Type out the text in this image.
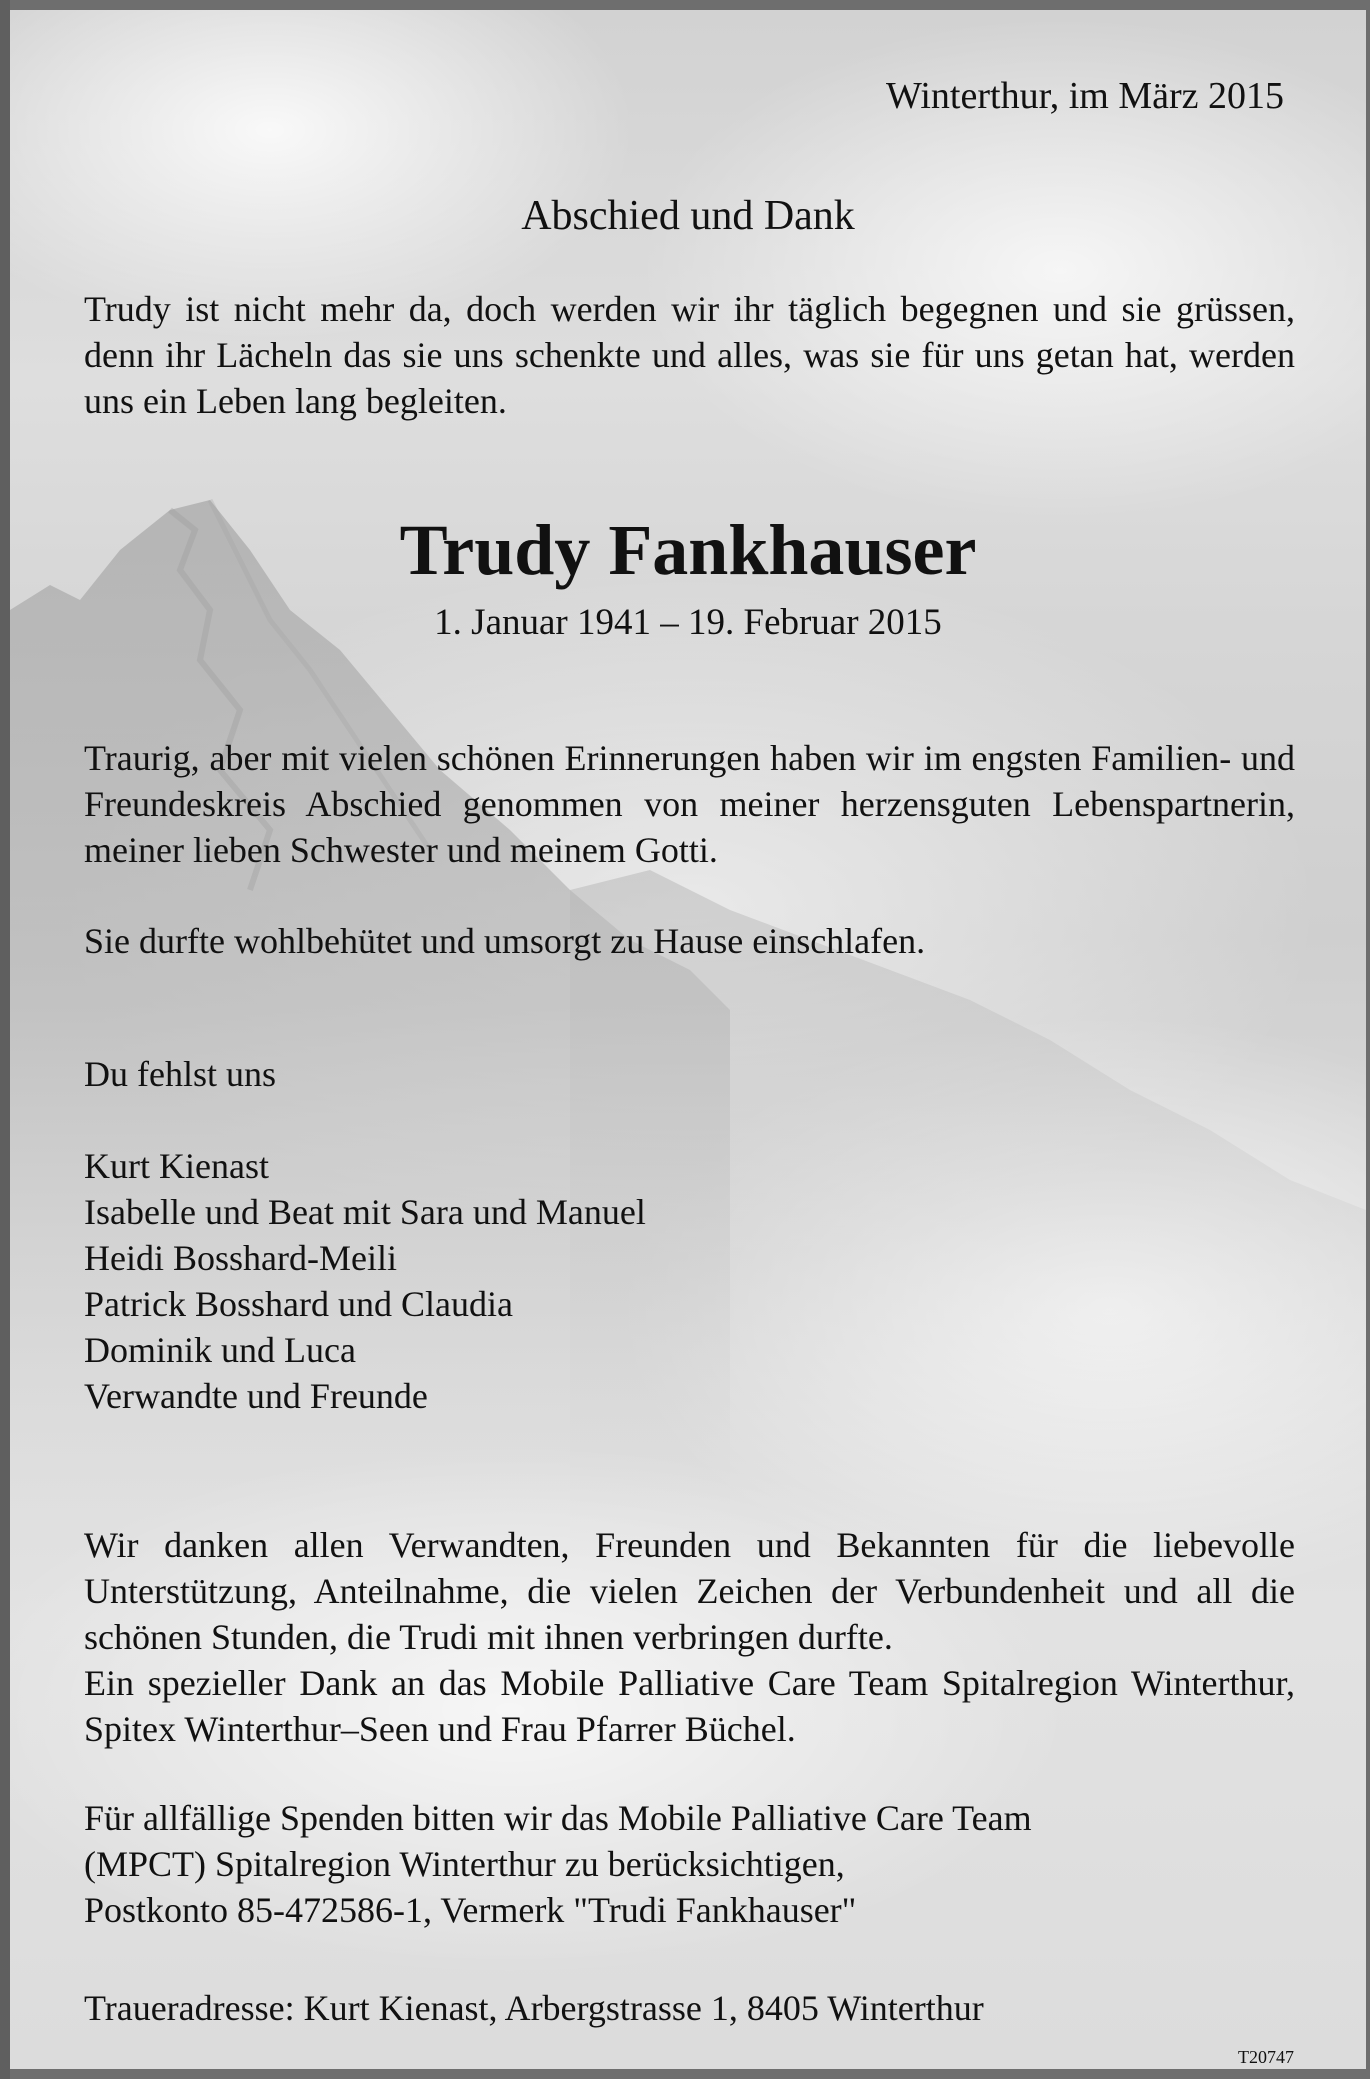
Winterthur, im März 2015
Abschied und Dank
Trudy ist nicht mehr da, doch werden wir ihr täglich begegnen und sie grüssen, denn ihr Lächeln das sie uns schenkte und alles, was sie für uns getan hat, werden uns ein Leben lang begleiten.
Trudy Fankhauser
1. Januar 1941 – 19. Februar 2015
Traurig, aber mit vielen schönen Erinnerungen haben wir im engsten Familien- und Freundeskreis Abschied genommen von meiner herzensguten Lebenspartnerin, meiner lieben Schwester und meinem Gotti.
Sie durfte wohlbehütet und umsorgt zu Hause einschlafen.
Du fehlst uns
Kurt Kienast
Isabelle und Beat mit Sara und Manuel
Heidi Bosshard-Meili
Patrick Bosshard und Claudia
Dominik und Luca
Verwandte und Freunde
Wir danken allen Verwandten, Freunden und Bekannten für die liebevolle Unterstützung, Anteilnahme, die vielen Zeichen der Verbundenheit und all die schönen Stunden, die Trudi mit ihnen verbringen durfte.
Ein spezieller Dank an das Mobile Palliative Care Team Spitalregion Winterthur, Spitex Winterthur–Seen und Frau Pfarrer Büchel.
Für allfällige Spenden bitten wir das Mobile Palliative Care Team
(MPCT) Spitalregion Winterthur zu berücksichtigen,
Postkonto 85-472586-1, Vermerk "Trudi Fankhauser"
Traueradresse: Kurt Kienast, Arbergstrasse 1, 8405 Winterthur
T20747
